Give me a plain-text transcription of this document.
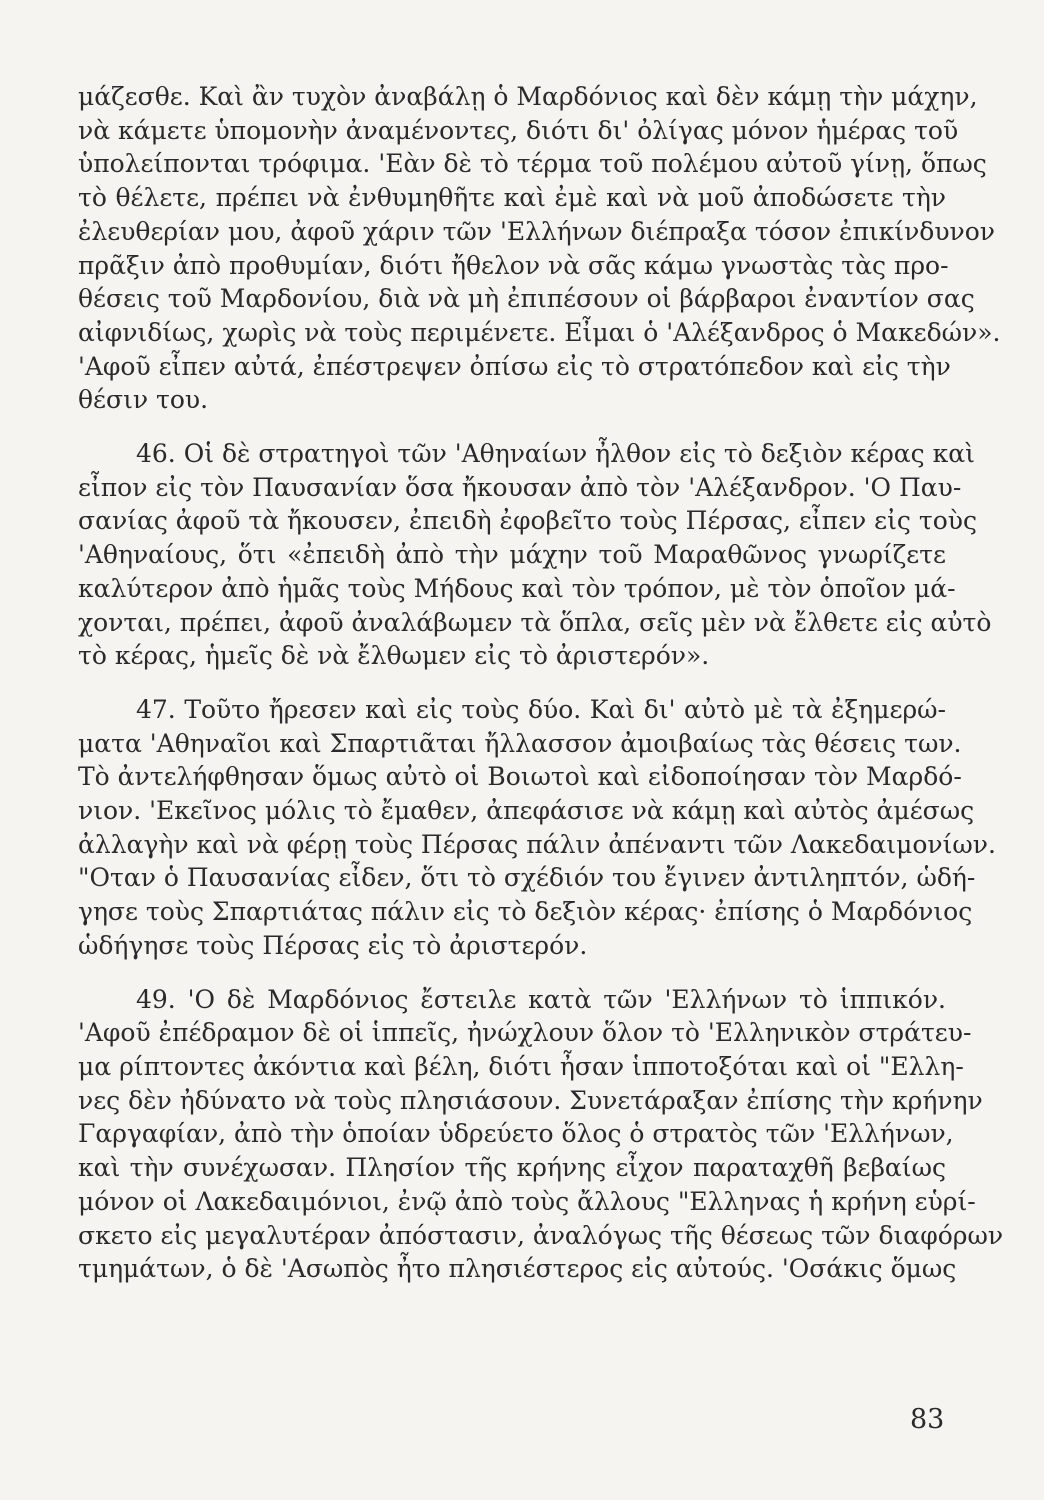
μάζεσθε. Καὶ ἂν τυχὸν ἀναβάλῃ ὁ Μαρδόνιος καὶ δὲν κάμῃ τὴν μάχην,
νὰ κάμετε ὑπομονὴν ἀναμένοντες, διότι δι' ὀλίγας μόνον ἡμέρας τοῦ
ὑπολείπονται τρόφιμα. 'Εὰν δὲ τὸ τέρμα τοῦ πολέμου αὐτοῦ γίνῃ, ὅπως
τὸ θέλετε, πρέπει νὰ ἐνθυμηθῆτε καὶ ἐμὲ καὶ νὰ μοῦ ἀποδώσετε τὴν
ἐλευθερίαν μου, ἀφοῦ χάριν τῶν 'Ελλήνων διέπραξα τόσον ἐπικίνδυνον
πρᾶξιν ἀπὸ προθυμίαν, διότι ἤθελον νὰ σᾶς κάμω γνωστὰς τὰς προ-
θέσεις τοῦ Μαρδονίου, διὰ νὰ μὴ ἐπιπέσουν οἱ βάρβαροι ἐναντίον σας
αἰφνιδίως, χωρὶς νὰ τοὺς περιμένετε. Εἶμαι ὁ 'Αλέξανδρος ὁ Μακεδών».
'Αφοῦ εἶπεν αὐτά, ἐπέστρεψεν ὀπίσω εἰς τὸ στρατόπεδον καὶ εἰς τὴν
θέσιν του.
46. Οἱ δὲ στρατηγοὶ τῶν 'Αθηναίων ἦλθον εἰς τὸ δεξιὸν κέρας καὶ
εἶπον εἰς τὸν Παυσανίαν ὅσα ἤκουσαν ἀπὸ τὸν 'Αλέξανδρον. 'Ο Παυ-
σανίας ἀφοῦ τὰ ἤκουσεν, ἐπειδὴ ἐφοβεῖτο τοὺς Πέρσας, εἶπεν εἰς τοὺς
'Αθηναίους, ὅτι «ἐπειδὴ ἀπὸ τὴν μάχην τοῦ Μαραθῶνος γνωρίζετε
καλύτερον ἀπὸ ἡμᾶς τοὺς Μήδους καὶ τὸν τρόπον, μὲ τὸν ὁποῖον μά-
χονται, πρέπει, ἀφοῦ ἀναλάβωμεν τὰ ὅπλα, σεῖς μὲν νὰ ἔλθετε εἰς αὐτὸ
τὸ κέρας, ἡμεῖς δὲ νὰ ἔλθωμεν εἰς τὸ ἀριστερόν».
47. Τοῦτο ἤρεσεν καὶ εἰς τοὺς δύο. Καὶ δι' αὐτὸ μὲ τὰ ἐξημερώ-
ματα 'Αθηναῖοι καὶ Σπαρτιᾶται ἤλλασσον ἀμοιβαίως τὰς θέσεις των.
Τὸ ἀντελήφθησαν ὅμως αὐτὸ οἱ Βοιωτοὶ καὶ εἰδοποίησαν τὸν Μαρδό-
νιον. 'Εκεῖνος μόλις τὸ ἔμαθεν, ἀπεφάσισε νὰ κάμῃ καὶ αὐτὸς ἀμέσως
ἀλλαγὴν καὶ νὰ φέρῃ τοὺς Πέρσας πάλιν ἀπέναντι τῶν Λακεδαιμονίων.
"Οταν ὁ Παυσανίας εἶδεν, ὅτι τὸ σχέδιόν του ἔγινεν ἀντιληπτόν, ὡδή-
γησε τοὺς Σπαρτιάτας πάλιν εἰς τὸ δεξιὸν κέρας· ἐπίσης ὁ Μαρδόνιος
ὡδήγησε τοὺς Πέρσας εἰς τὸ ἀριστερόν.
49. 'Ο δὲ Μαρδόνιος ἔστειλε κατὰ τῶν 'Ελλήνων τὸ ἱππικόν.
'Αφοῦ ἐπέδραμον δὲ οἱ ἱππεῖς, ἠνώχλουν ὅλον τὸ 'Ελληνικὸν στράτευ-
μα ρίπτοντες ἀκόντια καὶ βέλη, διότι ἦσαν ἱπποτοξόται καὶ οἱ "Ελλη-
νες δὲν ἠδύνατο νὰ τοὺς πλησιάσουν. Συνετάραξαν ἐπίσης τὴν κρήνην
Γαργαφίαν, ἀπὸ τὴν ὁποίαν ὑδρεύετο ὅλος ὁ στρατὸς τῶν 'Ελλήνων,
καὶ τὴν συνέχωσαν. Πλησίον τῆς κρήνης εἶχον παραταχθῆ βεβαίως
μόνον οἱ Λακεδαιμόνιοι, ἐνῷ ἀπὸ τοὺς ἄλλους "Ελληνας ἡ κρήνη εὑρί-
σκετο εἰς μεγαλυτέραν ἀπόστασιν, ἀναλόγως τῆς θέσεως τῶν διαφόρων
τμημάτων, ὁ δὲ 'Ασωπὸς ἦτο πλησιέστερος εἰς αὐτούς. 'Οσάκις ὅμως
83
